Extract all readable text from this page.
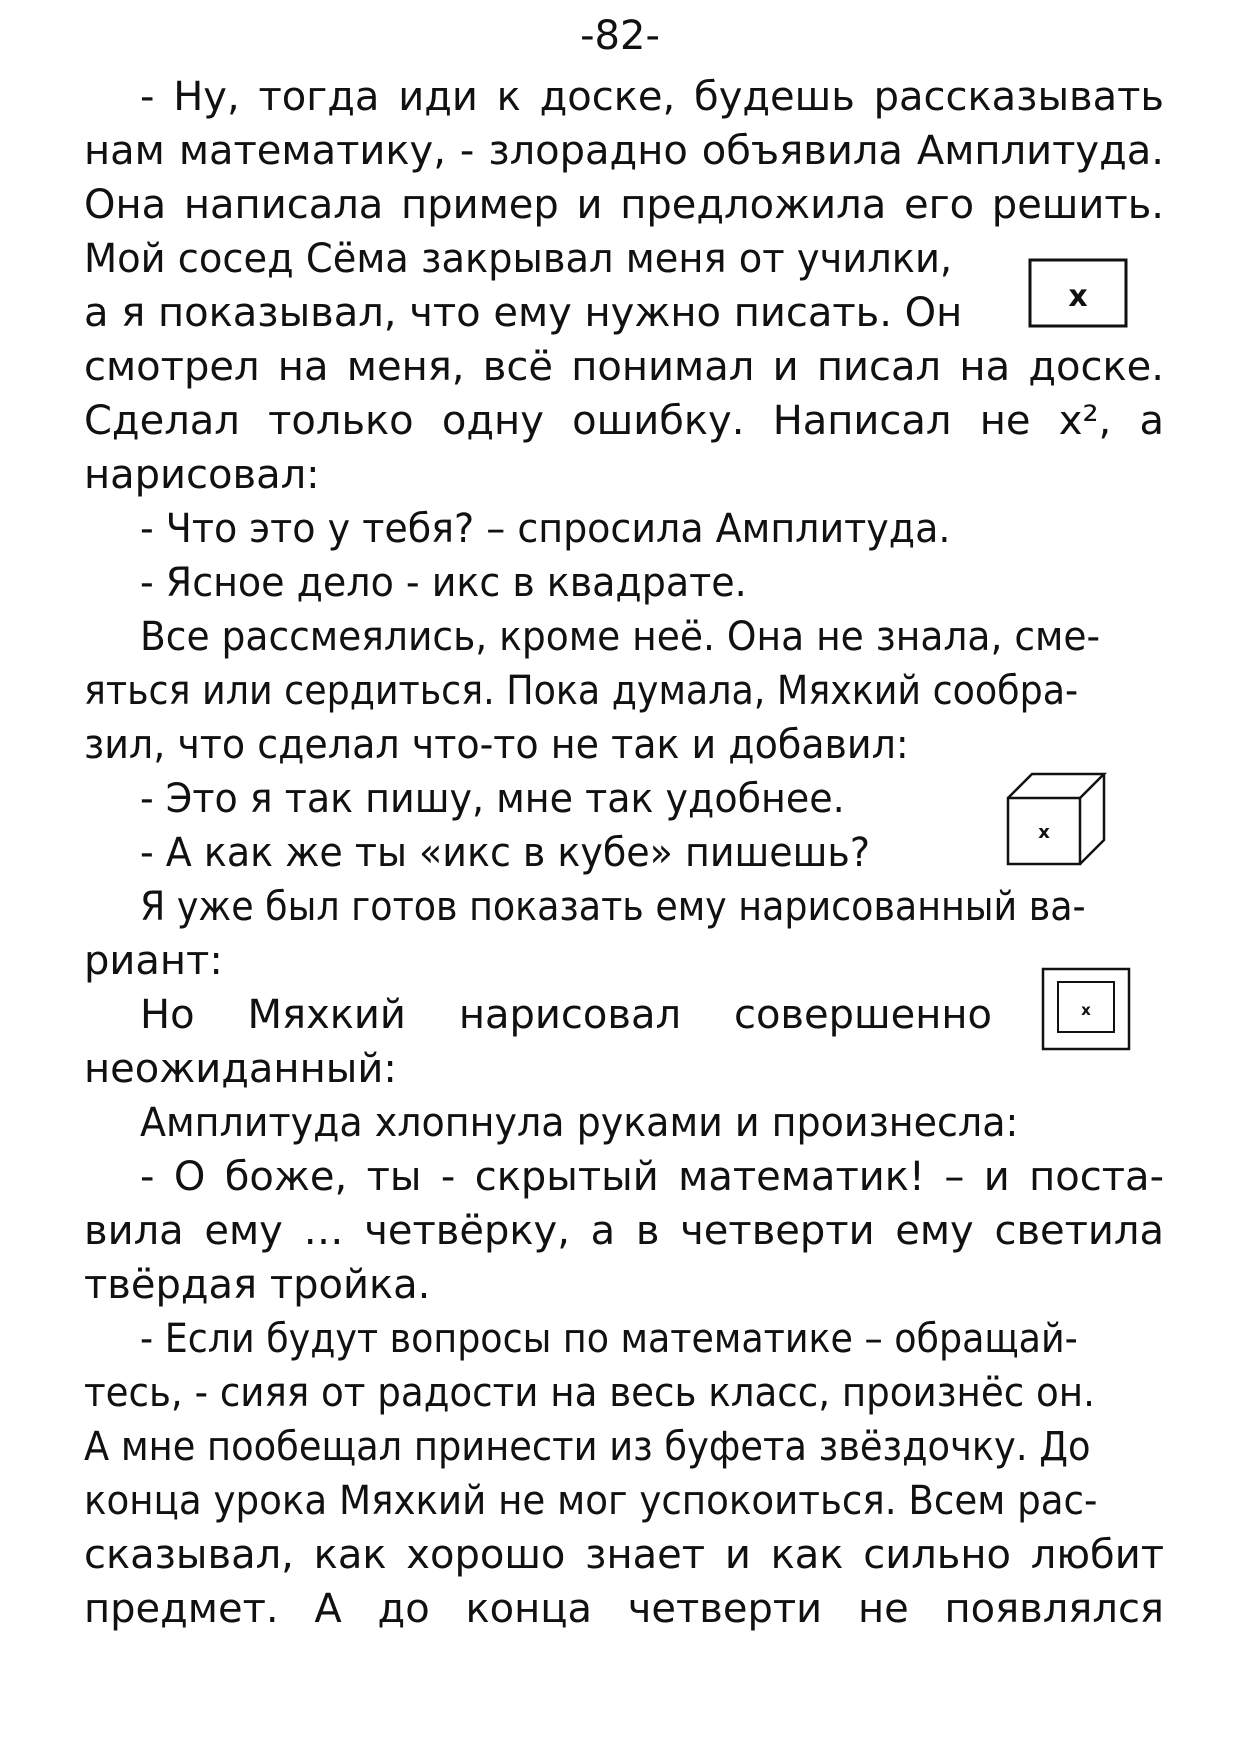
-82-
- Ну, тогда иди к доске, будешь рассказывать
нам математику, - злорадно объявила Амплитуда.
Она написала пример и предложила его решить.
Мой сосед Сёма закрывал меня от училки,
а я показывал, что ему нужно писать. Он
смотрел на меня, всё понимал и писал на доске.
Сделал только одну ошибку. Написал не x², а
нарисовал:
- Что это у тебя? – спросила Амплитуда.
- Ясное дело - икс в квадрате.
Все рассмеялись, кроме неё. Она не знала, сме-
яться или сердиться. Пока думала, Мяхкий сообра-
зил, что сделал что-то не так и добавил:
- Это я так пишу, мне так удобнее.
- А как же ты «икс в кубе» пишешь?
Я уже был готов показать ему нарисованный ва-
риант:
Но Мяхкий нарисовал совершенно
неожиданный:
Амплитуда хлопнула руками и произнесла:
- О боже, ты - скрытый математик! – и поста-
вила ему … четвёрку, а в четверти ему светила
твёрдая тройка.
- Если будут вопросы по математике – обращай-
тесь, - сияя от радости на весь класс, произнёс он.
А мне пообещал принести из буфета звёздочку. До
конца урока Мяхкий не мог успокоиться. Всем рас-
сказывал, как хорошо знает и как сильно любит
предмет. А до конца четверти не появлялся
x
x
x
